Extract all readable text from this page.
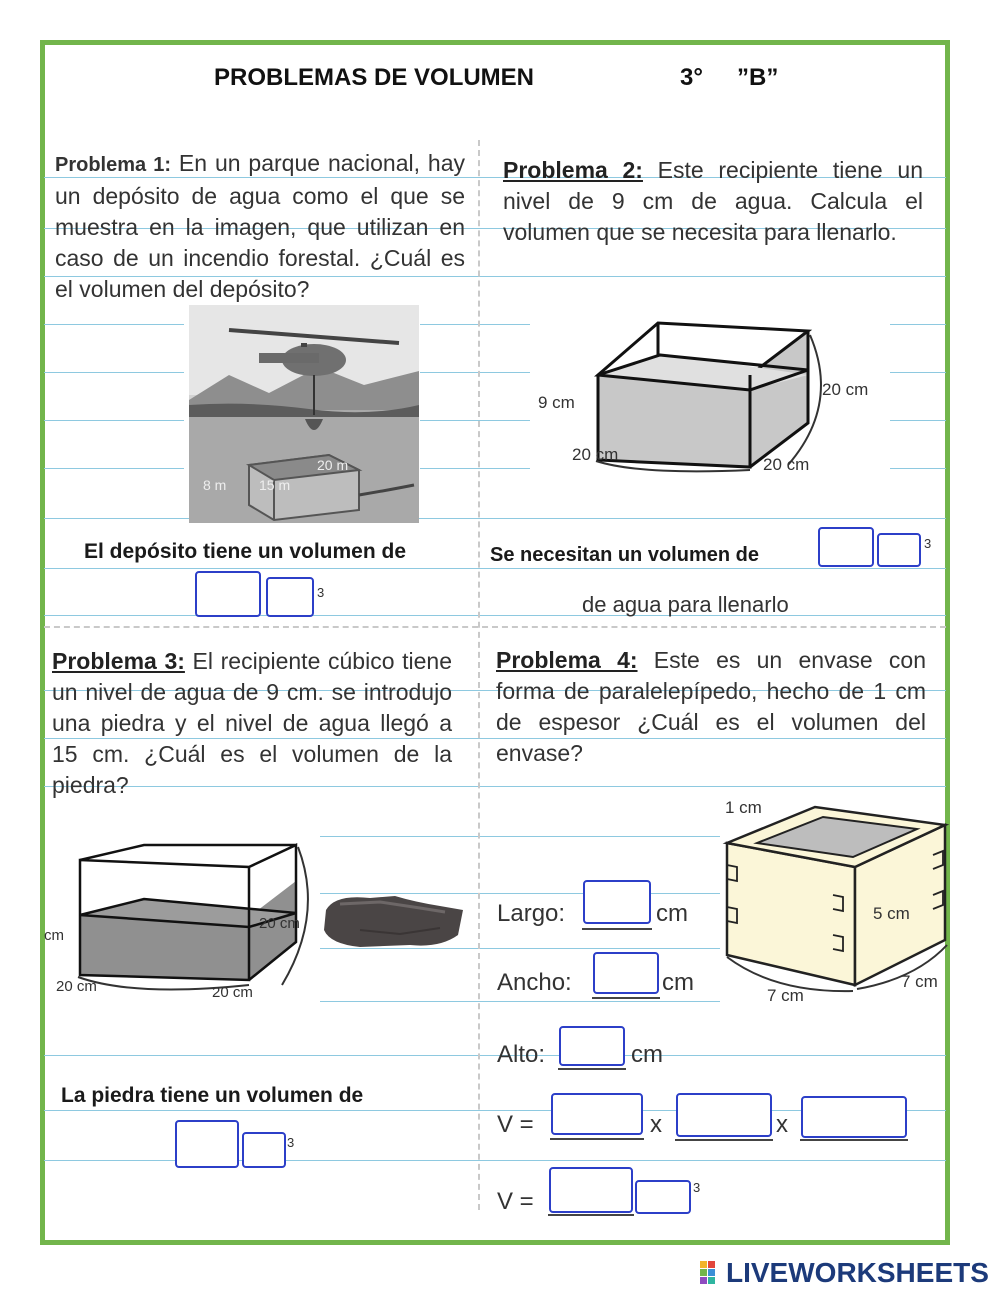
PROBLEMAS DE VOLUMEN	3° ”B”
Problema 1: En un parque nacional, hay un depósito de agua como el que se muestra en la imagen, que utilizan en caso de un incendio forestal. ¿Cuál es el volumen del depósito?
20 m
15 m
8 m
El depósito tiene un volumen de
3
Problema 2: Este recipiente tiene un nivel de 9 cm de agua. Calcula el volumen que se necesita para llenarlo.
9 cm
20 cm
20 cm
20 cm
Se necesitan un volumen de
3
de agua para llenarlo
Problema 3: El recipiente cúbico tiene un nivel de agua de 9 cm. se introdujo una piedra y el nivel de agua llegó a 15 cm. ¿Cuál es el volumen de la piedra?
cm
20 cm
20 cm	20 cm
La piedra tiene un volumen de
3
Problema 4: Este es un envase con forma de paralelepípedo, hecho de 1 cm de espesor ¿Cuál es el volumen del envase?
1 cm
5 cm
7 cm
7 cm
Largo:	cm
Ancho:	cm
Alto:	cm
V =	x	x
V =
3
LIVEWORKSHEETS
